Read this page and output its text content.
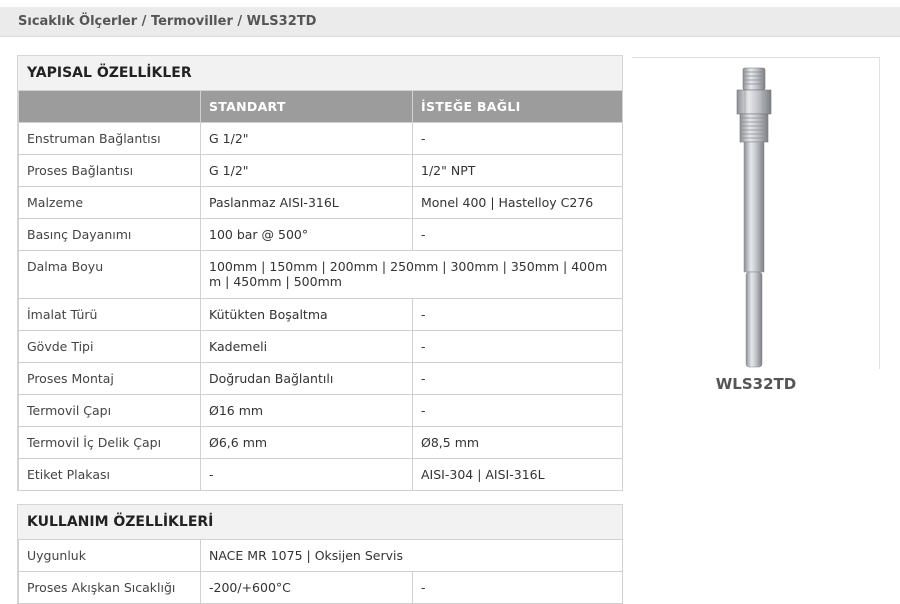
Sıcaklık Ölçerler / Termoviller / WLS32TD
YAPISAL ÖZELLİKLER
	STANDART	İSTEĞE BAĞLI
Enstruman Bağlantısı	G 1/2"	-
Proses Bağlantısı	G 1/2"	1/2" NPT
Malzeme	Paslanmaz AISI-316L	Monel 400 | Hastelloy C276
Basınç Dayanımı	100 bar @ 500°	-
Dalma Boyu	100mm | 150mm | 200mm | 250mm | 300mm | 350mm | 400mm | 450mm | 500mm	
İmalat Türü	Kütükten Boşaltma	-
Gövde Tipi	Kademeli	-
Proses Montaj	Doğrudan Bağlantılı	-
Termovil Çapı	Ø16 mm	-
Termovil İç Delik Çapı	Ø6,6 mm	Ø8,5 mm
Etiket Plakası	-	AISI-304 | AISI-316L
KULLANIM ÖZELLİKLERİ
Uygunluk	NACE MR 1075 | Oksijen Servis	
Proses Akışkan Sıcaklığı	-200/+600°C	-
WLS32TD
